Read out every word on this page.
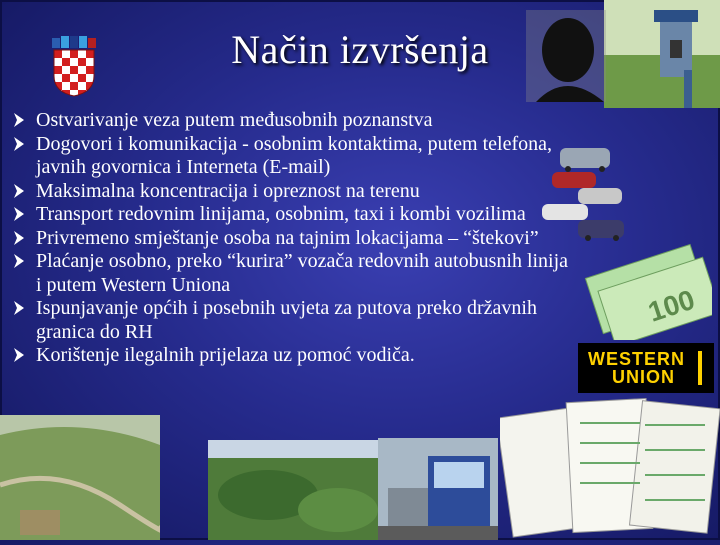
100
WESTERN
UNION
Način izvršenja
Ostvarivanje veza putem međusobnih poznanstva
Dogovori i komunikacija - osobnim kontaktima, putem telefona, javnih govornica i Interneta (E-mail)
Maksimalna koncentracija i opreznost na terenu
Transport redovnim linijama, osobnim, taxi i kombi vozilima
Privremeno smještanje osoba na tajnim lokacijama – “štekovi”
Plaćanje osobno, preko “kurira” vozača redovnih autobusnih linija i putem Western Uniona
Ispunjavanje općih i posebnih uvjeta za putova preko državnih granica do RH
Korištenje ilegalnih prijelaza uz pomoć vodiča.
